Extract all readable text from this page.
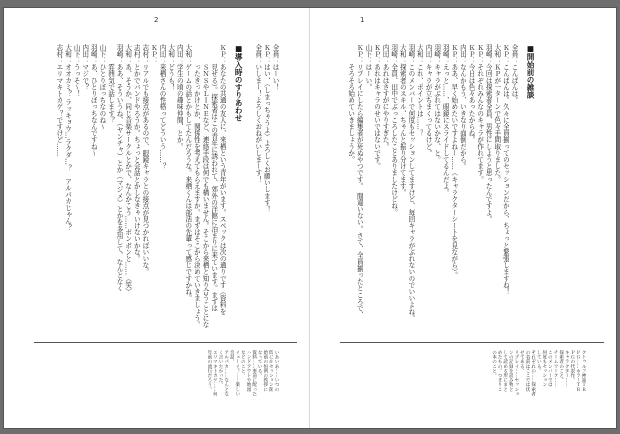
2
全員：はーい！
ＫＰ：はい、（しまっちゃうよ）よろしくお願いします！
全員：いしまー！よろしくおねがいしまーす！
■導入時のすりあわせ
ＫＰ：あなたの共通の友人に、来栖という青年がいます。スペックは次の通りです（資料を
　　　見せる）。探索者はこの青年に誘われて、郊外の洋館に泊まりに来ています。まずは
　　　ＳＮＳやＬＩＮＥなど、連絡手段は何でも構いません。そこから来栖と知り合うことにな
　　　ったきっかけとか、関係性を考えてもらえますか。まずはそこから決めていきましょう。
大和：ゲームの話とかもしてたんだろうな。来栖くんは部活の先輩って感じですかね。
内田：学生の頃の趣味仲間、とか。
大和：どうも！
内田：来栖さんの性格ってどういう……？
ＫＰ：
志村：リアルでも接点があるので、眼鏡キャラとの接点が見つかればいいな。
志村：とかでバンドやろうか。ちょっと会話とかしなきゃいけないかな。
大和：あ、そうか、同じ音楽サークルとかで、なんかこう……ボンボンと……（笑）
羽崎：ああ、そういうね、（ヤンチャ）とか（マジメ）とかを多用して、なんとなく
　　　雰囲気で話します？
山下：ひとりぼっちなのね〜
羽崎：あ、ひとりぼっちなんですね〜
内田：マジで？
山下：うっそ〜！
大和：オオカミ？ ラッキョウ…ラクダ…？　アルパカじゃん？
志村：エリマキトカゲ？ですけど……
いあいあ……いつの
間にかセッション開
始前の恒例の挨拶に
なっている。
資料……事前に配った
ハンドアウトや地図
などのこと。
イェーイ！……楽しい
会話。
アルパカ……なんとな
く言いたかった。
エリマキトカゲ……何
年前の流行だろう。
1
■開始前の雑談
全員：こんばんは。
ＫＰ：こんばんは。久々に全員揃ってのセッションだから、ちょっと緊張しますね！
大和：ＫＰが一ターンで色々手間取りました。
羽崎：今回は探索者全員、男性にしようと思ったんですよ。
ＫＰ：それぞれみんなのキャラが作れてます。
ＫＰ：今日は色々あったからね。
内田：なんかもう、いきなり面倒だから。
ＫＰ：ああ、早く始めたいですよねー……（キャラクターシートを見ながら）。
羽崎：えっと……、眼鏡にスライドしてるんだよ。
羽崎：キャラがぶれてはないかな、と。
内田：キャラが立ちまくってるけど。
大和：これ、ポイントは……？
羽崎：このメンバーで何度もセッションしてますけど、毎回キャラがぶれないのでいいよね。
大和：探索者のスキル、ちゃんと振り分けてます。
羽崎：全員、田中でぶっころしたことありましたけどね。
内田：あれはさすがにやりすぎた。
ＫＰ：あれはキャラのせいではないです。
山下：はーい。
ＫＰ：リプレイにしたら編集者が死ぬやつです。　間違いない。さて、全員揃ったところで、
　　　そろそろ始めていきましょうか。
クトゥルフ神話ＴＲ
ＰＧ……ホラーＴＲ
ＰＧの代表作。
キャラクター……
探索者のこと。
チームワーク……
このメンバーでは
何度もセッション
している。
それぞれの……探索者
の名前はここでは伏
せてある。
リプレイ……セッショ
ンの記録を読み物と
して読める形にまと
めたもの。つまりこ
の本のこと。
